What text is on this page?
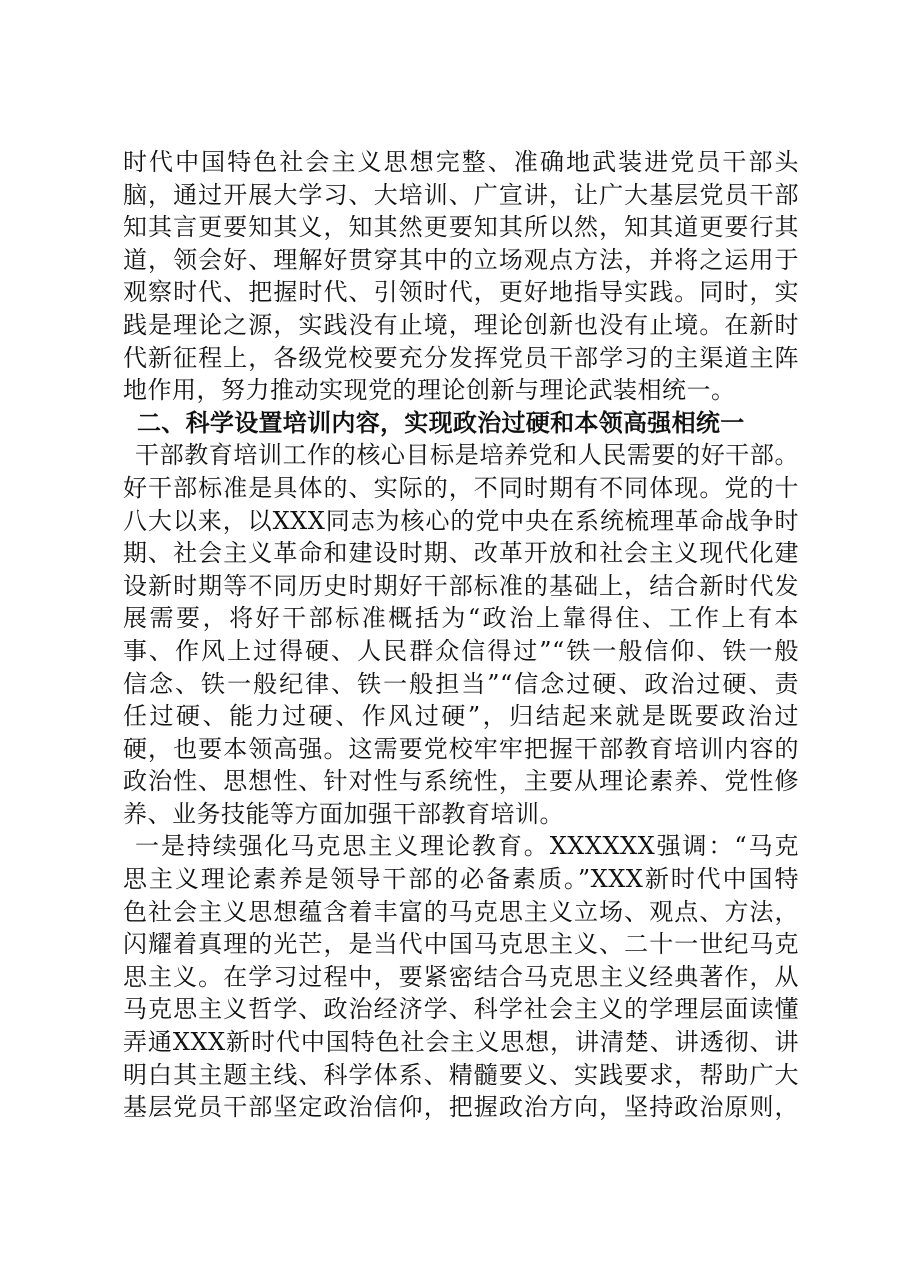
时代中国特色社会主义思想完整、准确地武装进党员干部头
脑，通过开展大学习、大培训、广宣讲，让广大基层党员干部
知其言更要知其义，知其然更要知其所以然，知其道更要行其
道，领会好、理解好贯穿其中的立场观点方法，并将之运用于
观察时代、把握时代、引领时代，更好地指导实践。同时，实
践是理论之源，实践没有止境，理论创新也没有止境。在新时
代新征程上，各级党校要充分发挥党员干部学习的主渠道主阵
地作用，努力推动实现党的理论创新与理论武装相统一。
二、科学设置培训内容，实现政治过硬和本领高强相统一
干部教育培训工作的核心目标是培养党和人民需要的好干部。
好干部标准是具体的、实际的，不同时期有不同体现。党的十
八大以来，以XXX同志为核心的党中央在系统梳理革命战争时
期、社会主义革命和建设时期、改革开放和社会主义现代化建
设新时期等不同历史时期好干部标准的基础上，结合新时代发
展需要，将好干部标准概括为“政治上靠得住、工作上有本
事、作风上过得硬、人民群众信得过”“铁一般信仰、铁一般
信念、铁一般纪律、铁一般担当”“信念过硬、政治过硬、责
任过硬、能力过硬、作风过硬”，归结起来就是既要政治过
硬，也要本领高强。这需要党校牢牢把握干部教育培训内容的
政治性、思想性、针对性与系统性，主要从理论素养、党性修
养、业务技能等方面加强干部教育培训。
一是持续强化马克思主义理论教育。XXXXXX强调：“马克
思主义理论素养是领导干部的必备素质。”XXX新时代中国特
色社会主义思想蕴含着丰富的马克思主义立场、观点、方法，
闪耀着真理的光芒，是当代中国马克思主义、二十一世纪马克
思主义。在学习过程中，要紧密结合马克思主义经典著作，从
马克思主义哲学、政治经济学、科学社会主义的学理层面读懂
弄通XXX新时代中国特色社会主义思想，讲清楚、讲透彻、讲
明白其主题主线、科学体系、精髓要义、实践要求，帮助广大
基层党员干部坚定政治信仰，把握政治方向，坚持政治原则，
